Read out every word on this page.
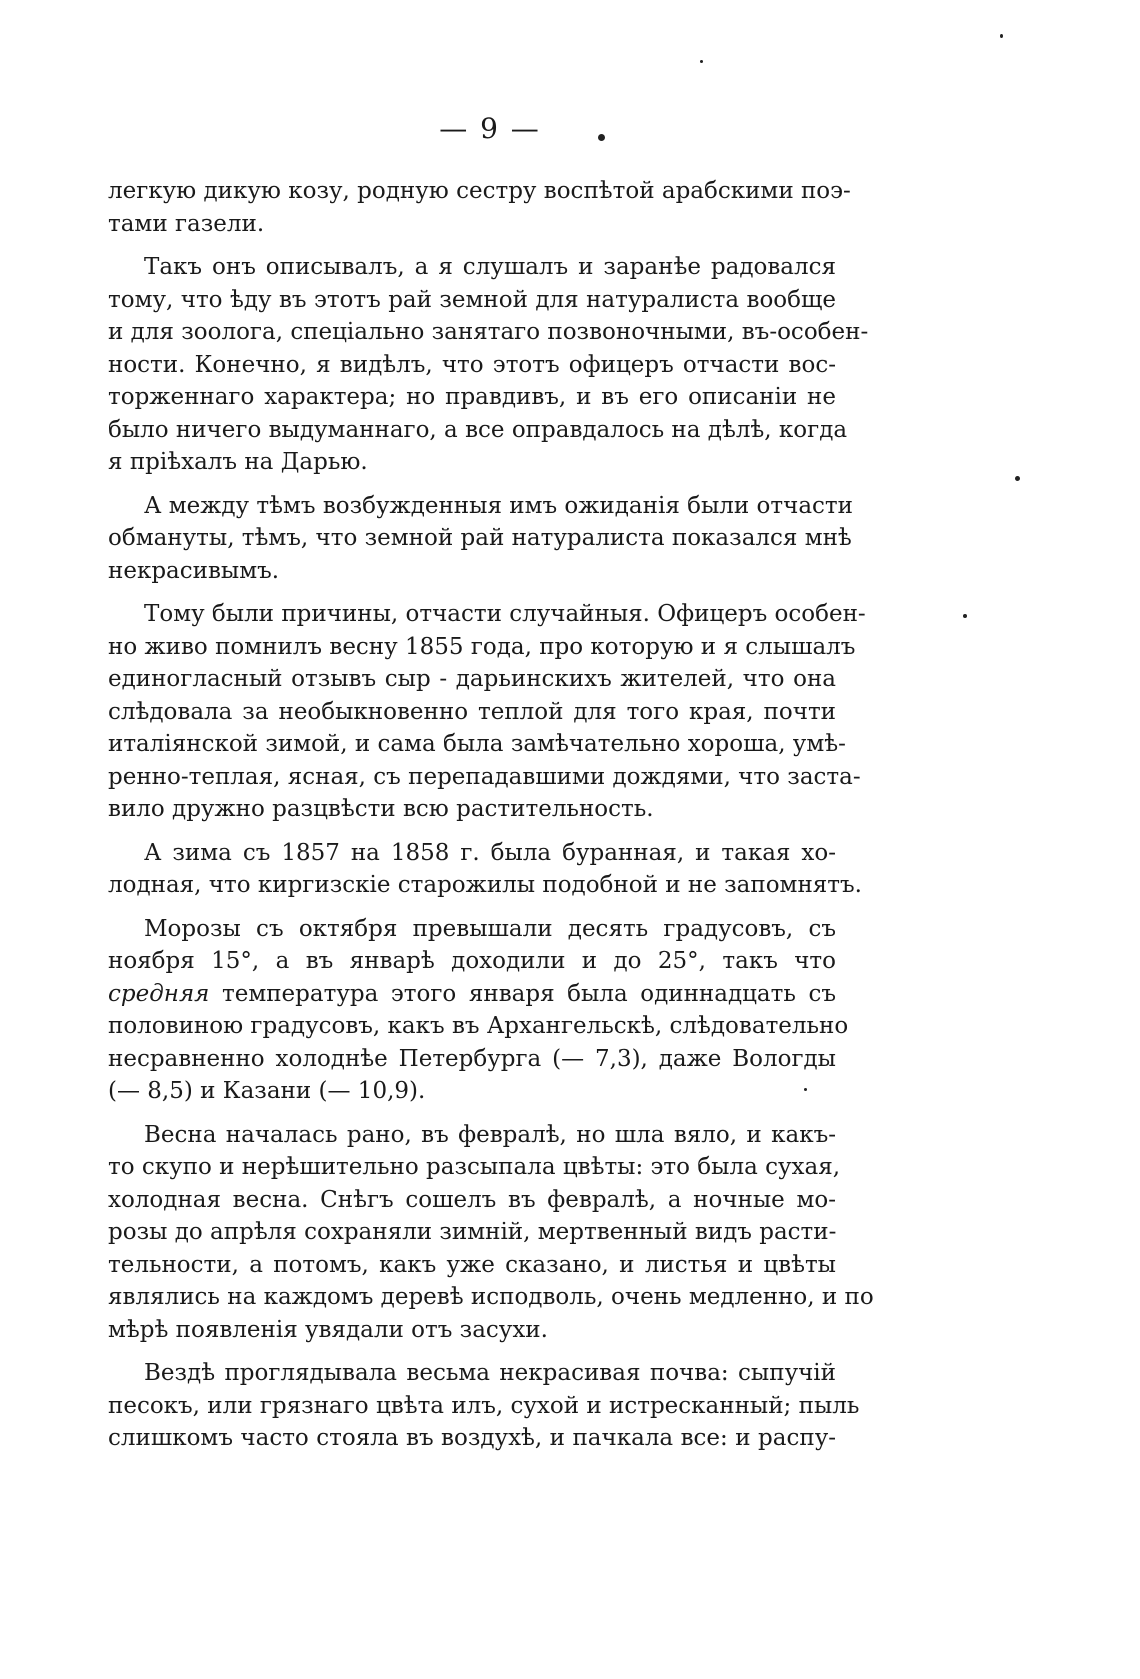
— 9 —
легкую дикую козу, родную сестру воспѣтой арабскими поэ-
тами газели.
Такъ онъ описывалъ, а я слушалъ и заранѣе радовался
тому, что ѣду въ этотъ рай земной для натуралиста вообще
и для зоолога, спеціально занятаго позвоночными, въ-особен-
ности. Конечно, я видѣлъ, что этотъ офицеръ отчасти вос-
торженнаго характера; но правдивъ, и въ его описаніи не
было ничего выдуманнаго, а все оправдалось на дѣлѣ, когда
я пріѣхалъ на Дарью.
А между тѣмъ возбужденныя имъ ожиданія были отчасти
обмануты, тѣмъ, что земной рай натуралиста показался мнѣ
некрасивымъ.
Тому были причины, отчасти случайныя. Офицеръ особен-
но живо помнилъ весну 1855 года, про которую и я слышалъ
единогласный отзывъ сыр - дарьинскихъ жителей, что она
слѣдовала за необыкновенно теплой для того края, почти
италіянской зимой, и сама была замѣчательно хороша, умѣ-
ренно-теплая, ясная, съ перепадавшими дождями, что заста-
вило дружно разцвѣсти всю растительность.
А зима съ 1857 на 1858 г. была буранная, и такая хо-
лодная, что киргизскіе старожилы подобной и не запомнятъ.
Морозы съ октября превышали десять градусовъ, съ
ноября 15°, а въ январѣ доходили и до 25°, такъ что
средняя температура этого января была одиннадцать съ
половиною градусовъ, какъ въ Архангельскѣ, слѣдовательно
несравненно холоднѣе Петербурга (— 7,3), даже Вологды
(— 8,5) и Казани (— 10,9).
Весна началась рано, въ февралѣ, но шла вяло, и какъ-
то скупо и нерѣшительно разсыпала цвѣты: это была сухая,
холодная весна. Снѣгъ сошелъ въ февралѣ, а ночные мо-
розы до апрѣля сохраняли зимній, мертвенный видъ расти-
тельности, а потомъ, какъ уже сказано, и листья и цвѣты
являлись на каждомъ деревѣ исподволь, очень медленно, и по
мѣрѣ появленія увядали отъ засухи.
Вездѣ проглядывала весьма некрасивая почва: сыпучій
песокъ, или грязнаго цвѣта илъ, сухой и истресканный; пыль
слишкомъ часто стояла въ воздухѣ, и пачкала все: и распу-
